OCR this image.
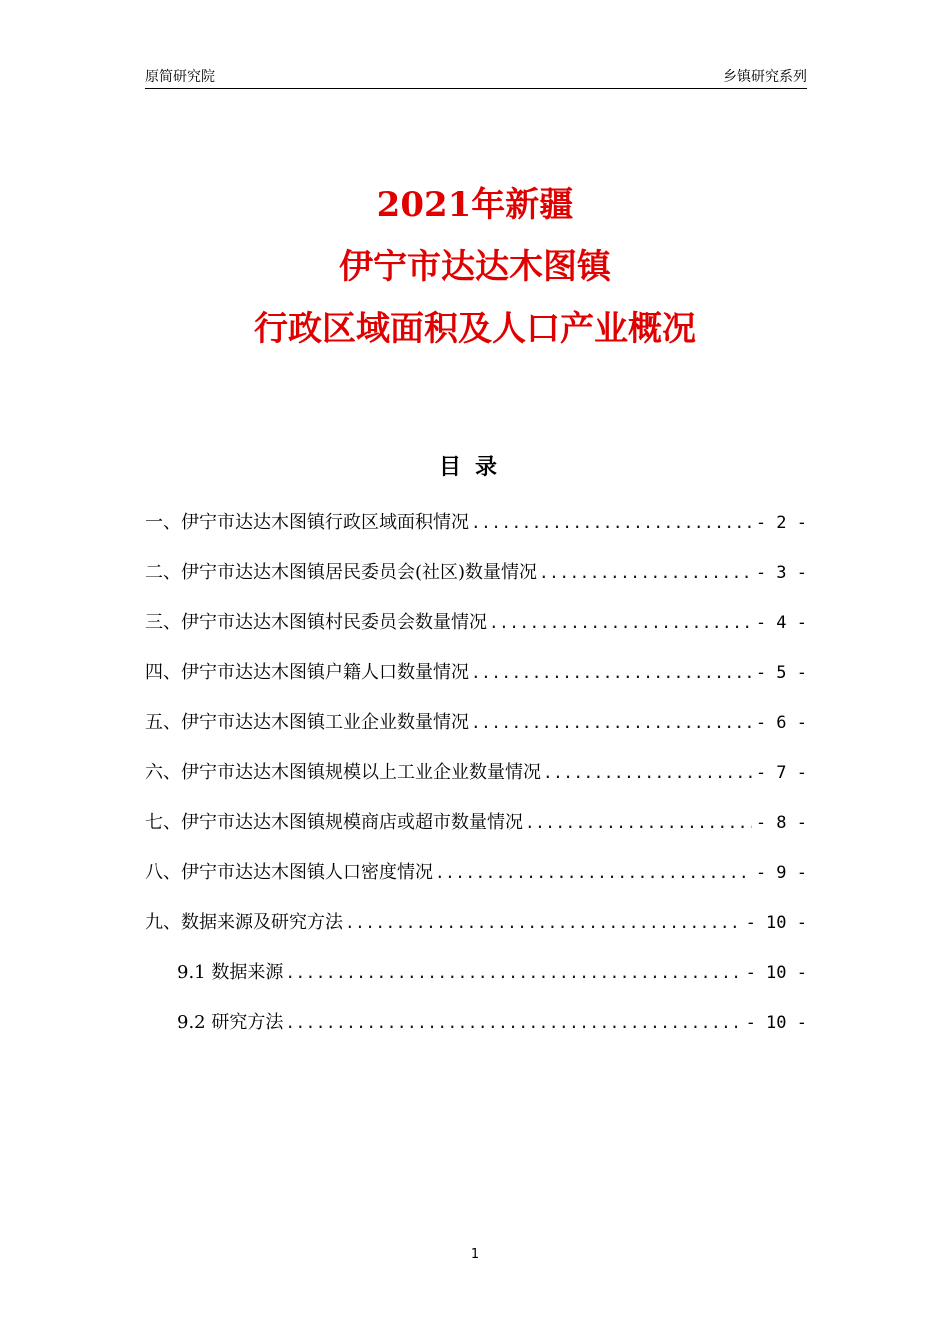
原简研究院	乡镇研究系列
2021年新疆
伊宁市达达木图镇
行政区域面积及人口产业概况
目录
一、伊宁市达达木图镇行政区域面积情况 .....	- 2 -
二、伊宁市达达木图镇居民委员会(社区)数量情况 .....	- 3 -
三、伊宁市达达木图镇村民委员会数量情况 .....	- 4 -
四、伊宁市达达木图镇户籍人口数量情况 .....	- 5 -
五、伊宁市达达木图镇工业企业数量情况 .....	- 6 -
六、伊宁市达达木图镇规模以上工业企业数量情况 .....	- 7 -
七、伊宁市达达木图镇规模商店或超市数量情况 .....	- 8 -
八、伊宁市达达木图镇人口密度情况 .....	- 9 -
九、数据来源及研究方法 .....	- 10 -
9.1 数据来源 .....	- 10 -
9.2 研究方法 .....	- 10 -
1
